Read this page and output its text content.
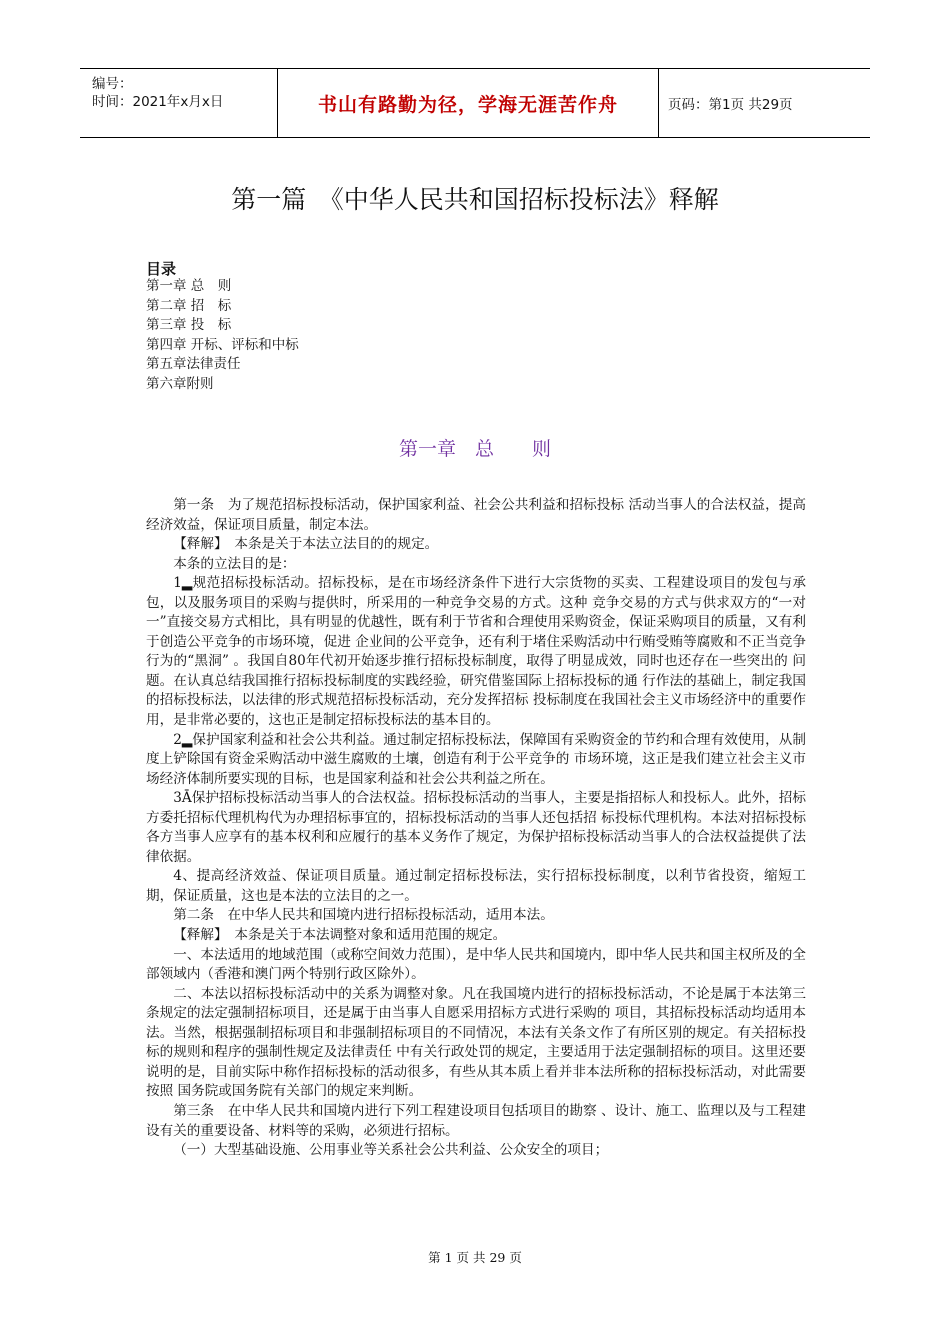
编号：
时间：2021年x月x日	书山有路勤为径，学海无涯苦作舟	页码：第1页 共29页
第一篇　《中华人民共和国招标投标法》释解
目录
第一章 总　则
第二章 招　标
第三章 投　标
第四章 开标、评标和中标
第五章法律责任
第六章附则
第一章　总　　则

第一条　为了规范招标投标活动，保护国家利益、社会公共利益和招标投标 活动当事人的合法权益，提高经济效益，保证项目质量，制定本法。

【释解】　本条是关于本法立法目的的规定。

本条的立法目的是：

1▂规范招标投标活动。招标投标，是在市场经济条件下进行大宗货物的买卖、工程建设项目的发包与承包，以及服务项目的采购与提供时，所采用的一种竞争交易的方式。这种 竞争交易的方式与供求双方的“一对一”直接交易方式相比，具有明显的优越性，既有利于节省和合理使用采购资金，保证采购项目的质量，又有利于创造公平竞争的市场环境，促进 企业间的公平竞争，还有利于堵住采购活动中行贿受贿等腐败和不正当竞争行为的“黑洞” 。我国自80年代初开始逐步推行招标投标制度，取得了明显成效，同时也还存在一些突出的 问题。在认真总结我国推行招标投标制度的实践经验，研究借鉴国际上招标投标的通 行作法的基础上，制定我国的招标投标法，以法律的形式规范招标投标活动，充分发挥招标 投标制度在我国社会主义市场经济中的重要作用，是非常必要的，这也正是制定招标投标法的基本目的。

2▂保护国家利益和社会公共利益。通过制定招标投标法，保障国有采购资金的节约和合理有效使用，从制度上铲除国有资金采购活动中滋生腐败的土壤，创造有利于公平竞争的 市场环境，这正是我们建立社会主义市场经济体制所要实现的目标，也是国家利益和社会公共利益之所在。

3Ā保护招标投标活动当事人的合法权益。招标投标活动的当事人，主要是指招标人和投标人。此外，招标方委托招标代理机构代为办理招标事宜的，招标投标活动的当事人还包括招 标投标代理机构。本法对招标投标各方当事人应享有的基本权利和应履行的基本义务作了规定，为保护招标投标活动当事人的合法权益提供了法律依据。

4、提高经济效益、保证项目质量。通过制定招标投标法，实行招标投标制度，以利节省投资，缩短工期，保证质量，这也是本法的立法目的之一。

第二条　在中华人民共和国境内进行招标投标活动，适用本法。

【释解】　本条是关于本法调整对象和适用范围的规定。

一、本法适用的地域范围（或称空间效力范围），是中华人民共和国境内，即中华人民共和国主权所及的全部领域内（香港和澳门两个特别行政区除外）。

二、本法以招标投标活动中的关系为调整对象。凡在我国境内进行的招标投标活动，不论是属于本法第三条规定的法定强制招标项目，还是属于由当事人自愿采用招标方式进行采购的 项目，其招标投标活动均适用本法。当然，根据强制招标项目和非强制招标项目的不同情况，本法有关条文作了有所区别的规定。有关招标投标的规则和程序的强制性规定及法律责任 中有关行政处罚的规定，主要适用于法定强制招标的项目。这里还要说明的是，目前实际中称作招标投标的活动很多，有些从其本质上看并非本法所称的招标投标活动，对此需要按照 国务院或国务院有关部门的规定来判断。

第三条　在中华人民共和国境内进行下列工程建设项目包括项目的勘察 、设计、施工、监理以及与工程建设有关的重要设备、材料等的采购，必须进行招标。

（一）大型基础设施、公用事业等关系社会公共利益、公众安全的项目；

第 1 页 共 29 页
